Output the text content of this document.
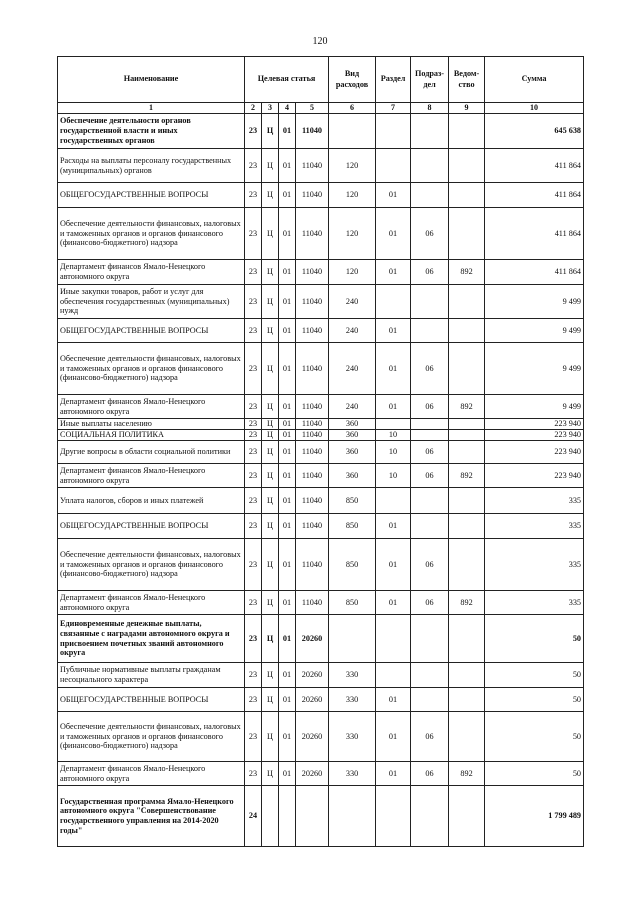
120
Наименование	Целевая статья				Вид расходов	Раздел	Подраз- дел	Ведом- ство	Сумма
1	2	3	4	5	6	7	8	9	10
Обеспечение деятельности органов государственной власти и иных государственных органов	23	Ц	01	11040					645 638
Расходы на выплаты персоналу государственных (муниципальных) органов	23	Ц	01	11040	120				411 864
ОБЩЕГОСУДАРСТВЕННЫЕ ВОПРОСЫ	23	Ц	01	11040	120	01			411 864
Обеспечение деятельности финансовых, налоговых и таможенных органов и органов финансового (финансово-бюджетного) надзора	23	Ц	01	11040	120	01	06		411 864
Департамент финансов Ямало-Ненецкого автономного округа	23	Ц	01	11040	120	01	06	892	411 864
Иные закупки товаров, работ и услуг для обеспечения государственных (муниципальных) нужд	23	Ц	01	11040	240				9 499
ОБЩЕГОСУДАРСТВЕННЫЕ ВОПРОСЫ	23	Ц	01	11040	240	01			9 499
Обеспечение деятельности финансовых, налоговых и таможенных органов и органов финансового (финансово-бюджетного) надзора	23	Ц	01	11040	240	01	06		9 499
Департамент финансов Ямало-Ненецкого автономного округа	23	Ц	01	11040	240	01	06	892	9 499
Иные выплаты населению	23	Ц	01	11040	360				223 940
СОЦИАЛЬНАЯ ПОЛИТИКА	23	Ц	01	11040	360	10			223 940
Другие вопросы в области социальной политики	23	Ц	01	11040	360	10	06		223 940
Департамент финансов Ямало-Ненецкого автономного округа	23	Ц	01	11040	360	10	06	892	223 940
Уплата налогов, сборов и иных платежей	23	Ц	01	11040	850				335
ОБЩЕГОСУДАРСТВЕННЫЕ ВОПРОСЫ	23	Ц	01	11040	850	01			335
Обеспечение деятельности финансовых, налоговых и таможенных органов и органов финансового (финансово-бюджетного) надзора	23	Ц	01	11040	850	01	06		335
Департамент финансов Ямало-Ненецкого автономного округа	23	Ц	01	11040	850	01	06	892	335
Единовременные денежные выплаты, связанные с наградами автономного округа и присвоением почетных званий автономного округа	23	Ц	01	20260					50
Публичные нормативные выплаты гражданам несоциального характера	23	Ц	01	20260	330				50
ОБЩЕГОСУДАРСТВЕННЫЕ ВОПРОСЫ	23	Ц	01	20260	330	01			50
Обеспечение деятельности финансовых, налоговых и таможенных органов и органов финансового (финансово-бюджетного) надзора	23	Ц	01	20260	330	01	06		50
Департамент финансов Ямало-Ненецкого автономного округа	23	Ц	01	20260	330	01	06	892	50
Государственная программа Ямало-Ненецкого автономного округа "Совершенствование государственного управления на 2014-2020 годы"	24								1 799 489
